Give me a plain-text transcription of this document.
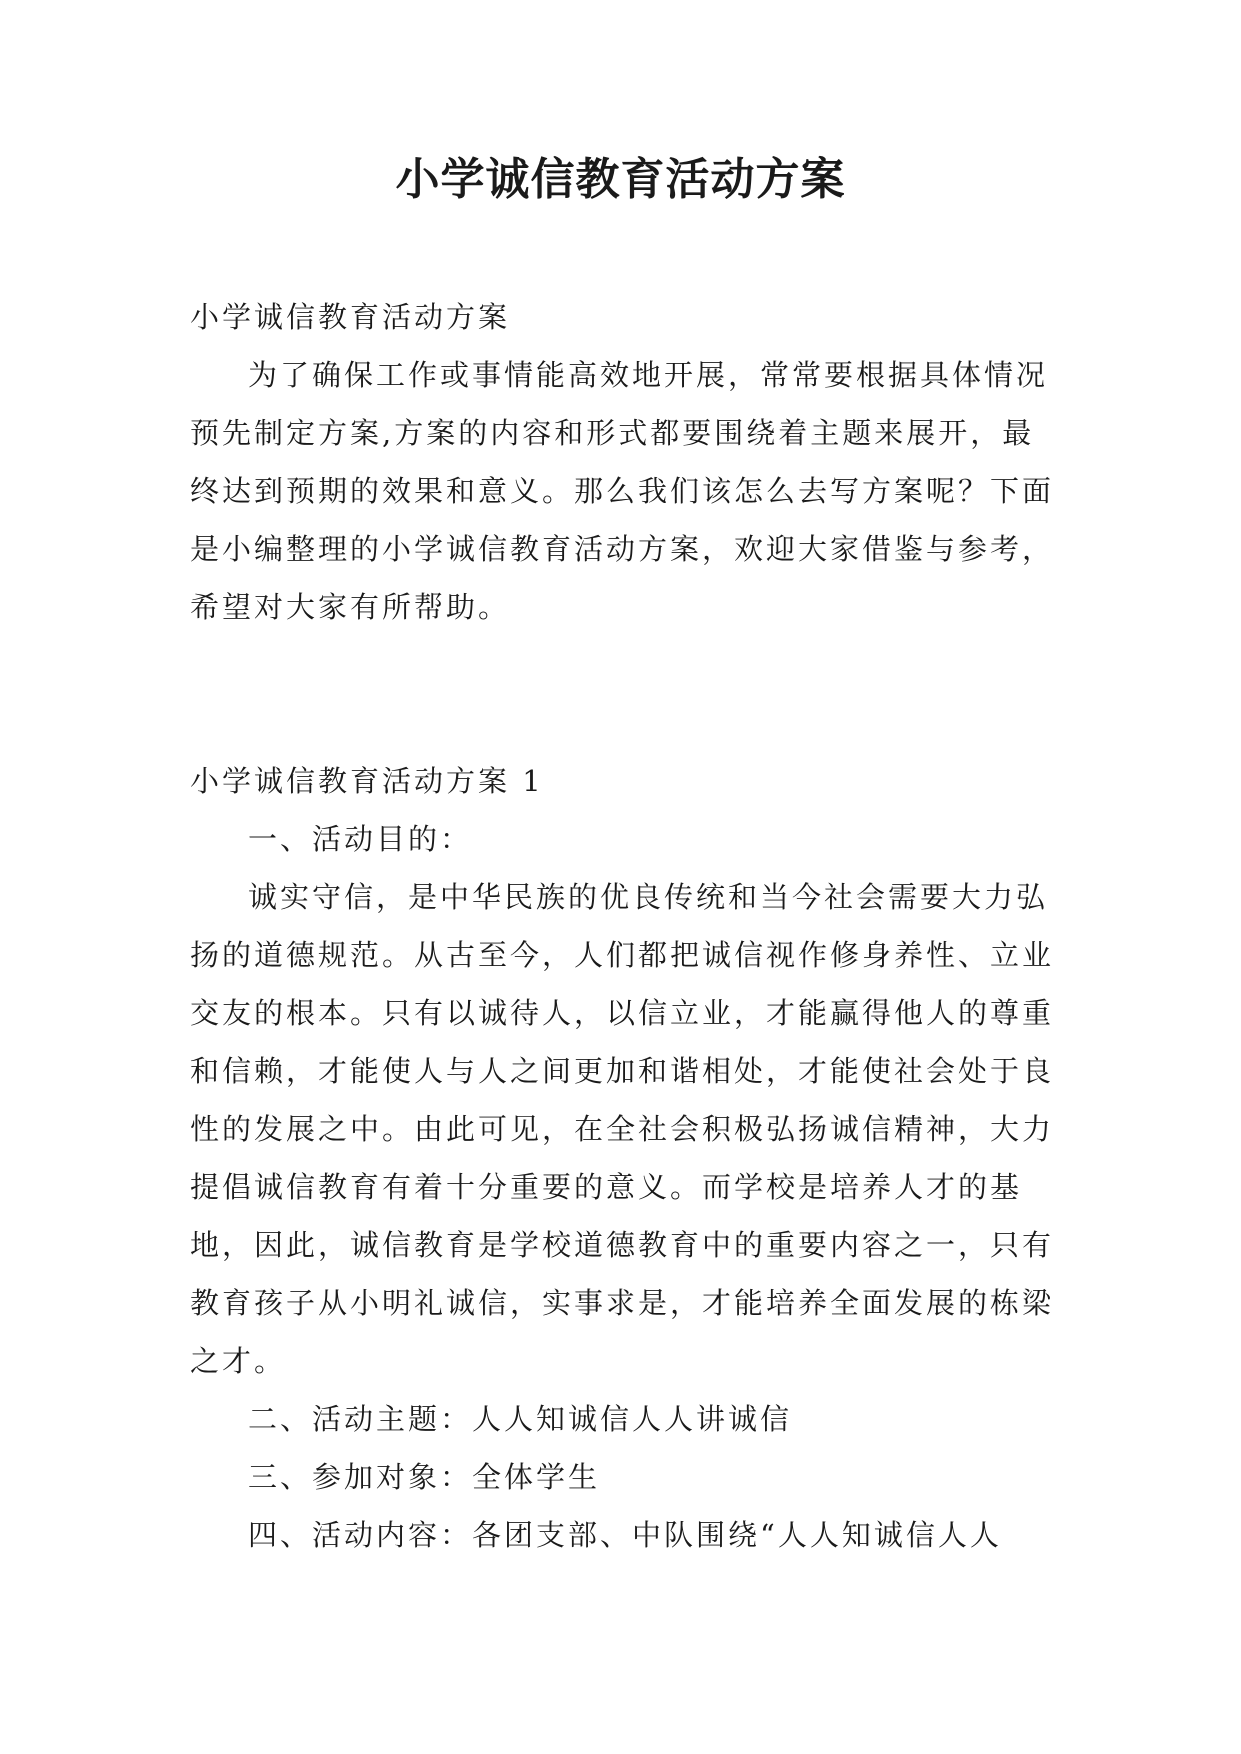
小学诚信教育活动方案

小学诚信教育活动方案

为了确保工作或事情能高效地开展，常常要根据具体情况预先制定方案,方案的内容和形式都要围绕着主题来展开，最终达到预期的效果和意义。那么我们该怎么去写方案呢？下面是小编整理的小学诚信教育活动方案，欢迎大家借鉴与参考，希望对大家有所帮助。

小学诚信教育活动方案 1

一、活动目的：

诚实守信，是中华民族的优良传统和当今社会需要大力弘扬的道德规范。从古至今，人们都把诚信视作修身养性、立业交友的根本。只有以诚待人，以信立业，才能赢得他人的尊重和信赖，才能使人与人之间更加和谐相处，才能使社会处于良性的发展之中。由此可见，在全社会积极弘扬诚信精神，大力提倡诚信教育有着十分重要的意义。而学校是培养人才的基地，因此，诚信教育是学校道德教育中的重要内容之一，只有教育孩子从小明礼诚信，实事求是，才能培养全面发展的栋梁之才。

二、活动主题：人人知诚信人人讲诚信

三、参加对象：全体学生

四、活动内容：各团支部、中队围绕“人人知诚信人人
